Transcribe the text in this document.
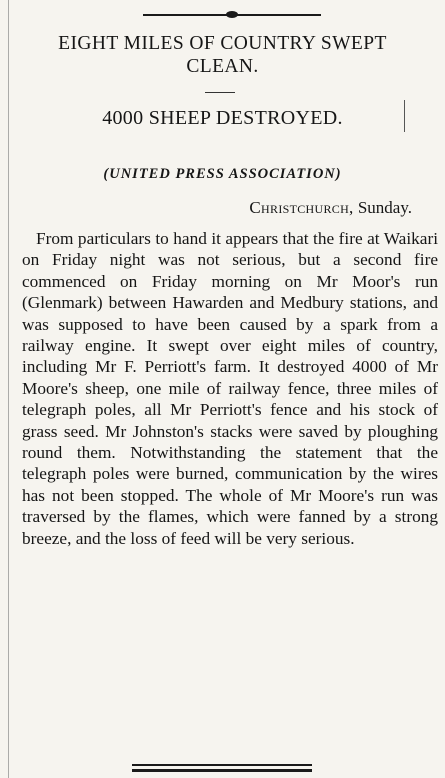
EIGHT MILES OF COUNTRY SWEPT CLEAN.
4000 SHEEP DESTROYED.
(UNITED PRESS ASSOCIATION)
Christchurch, Sunday.

From particulars to hand it appears that the fire at Waikari on Friday night was not serious, but a second fire commenced on Friday morning on Mr Moor's run (Glenmark) between Hawarden and Medbury stations, and was supposed to have been caused by a spark from a railway engine. It swept over eight miles of country, including Mr F. Perriott's farm. It destroyed 4000 of Mr Moore's sheep, one mile of railway fence, three miles of telegraph poles, all Mr Perriott's fence and his stock of grass seed. Mr Johnston's stacks were saved by ploughing round them. Notwithstanding the statement that the telegraph poles were burned, communication by the wires has not been stopped. The whole of Mr Moore's run was traversed by the flames, which were fanned by a strong breeze, and the loss of feed will be very serious.
